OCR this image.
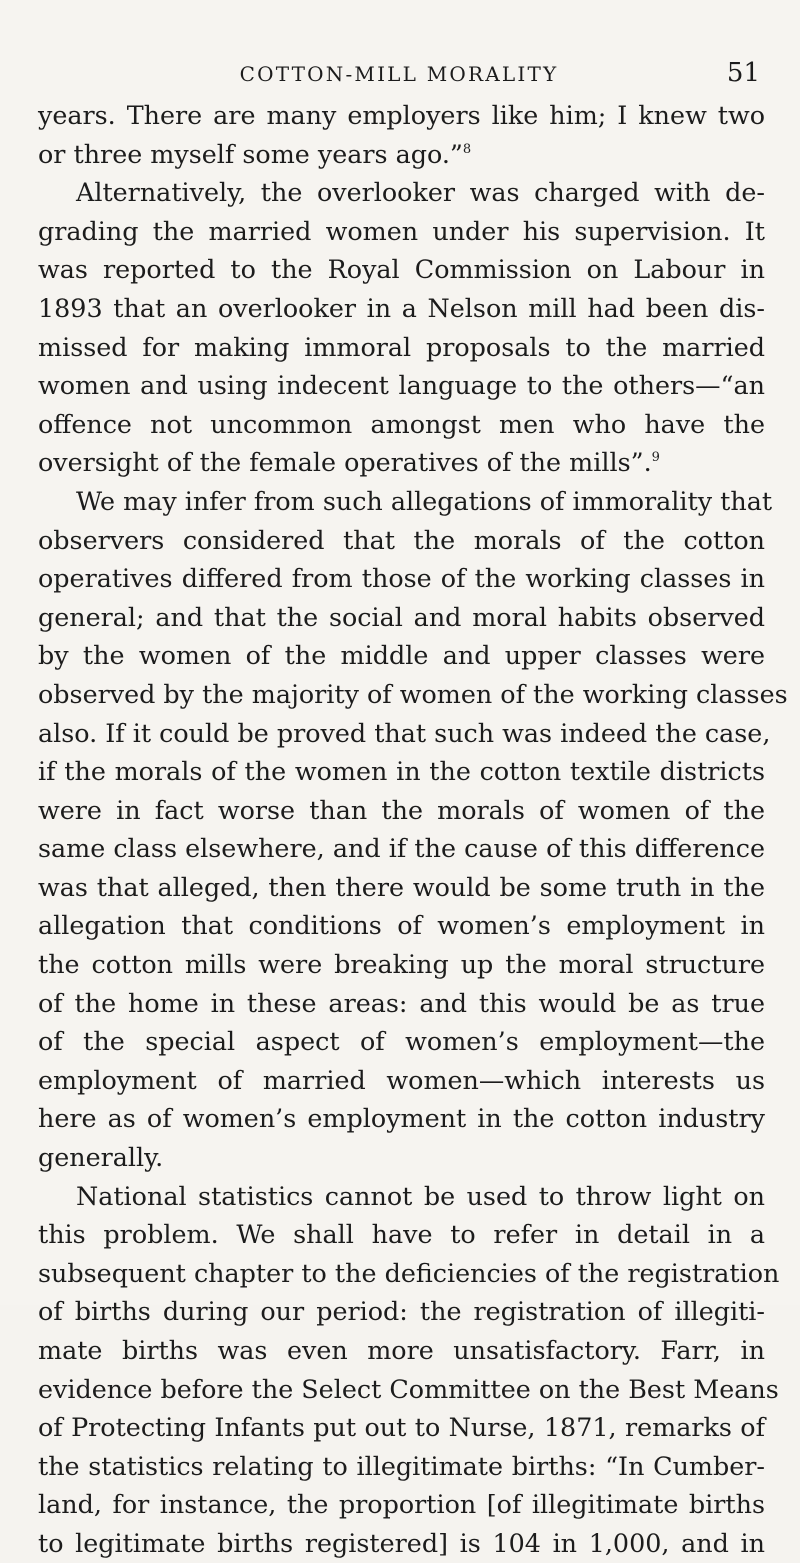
COTTON-MILL MORALITY	51
years. There are many employers like him; I knew two
or three myself some years ago.”$^8$
Alternatively, the overlooker was charged with de-
grading the married women under his supervision. It
was reported to the Royal Commission on Labour in
1893 that an overlooker in a Nelson mill had been dis-
missed for making immoral proposals to the married
women and using indecent language to the others—“an
offence not uncommon amongst men who have the
oversight of the female operatives of the mills”.$^9$
We may infer from such allegations of immorality that
observers considered that the morals of the cotton
operatives differed from those of the working classes in
general; and that the social and moral habits observed
by the women of the middle and upper classes were
observed by the majority of women of the working classes
also. If it could be proved that such was indeed the case,
if the morals of the women in the cotton textile districts
were in fact worse than the morals of women of the
same class elsewhere, and if the cause of this difference
was that alleged, then there would be some truth in the
allegation that conditions of women’s employment in
the cotton mills were breaking up the moral structure
of the home in these areas: and this would be as true
of the special aspect of women’s employment—the
employment of married women—which interests us
here as of women’s employment in the cotton industry
generally.
National statistics cannot be used to throw light on
this problem. We shall have to refer in detail in a
subsequent chapter to the deficiencies of the registration
of births during our period: the registration of illegiti-
mate births was even more unsatisfactory. Farr, in
evidence before the Select Committee on the Best Means
of Protecting Infants put out to Nurse, 1871, remarks of
the statistics relating to illegitimate births: “In Cumber-
land, for instance, the proportion [of illegitimate births
to legitimate births registered] is 104 in 1,000, and in
